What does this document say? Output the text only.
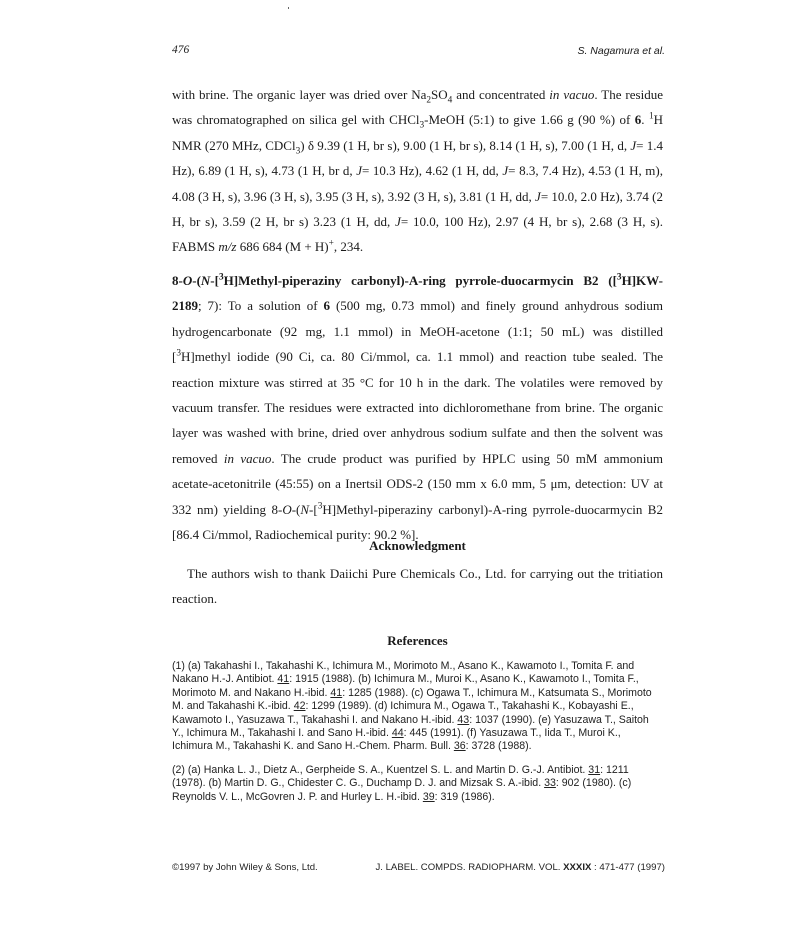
476	S. Nagamura et al.

with brine. The organic layer was dried over $Na_2SO_4$ and concentrated in vacuo. The residue was chromatographed on silica gel with CHCl$_3$-MeOH (5:1) to give 1.66 g (90 %) of 6. $^1$H NMR (270 MHz, CDCl$_3$) δ 9.39 (1 H, br s), 9.00 (1 H, br s), 8.14 (1 H, s), 7.00 (1 H, d, J= 1.4 Hz), 6.89 (1 H, s), 4.73 (1 H, br d, J= 10.3 Hz), 4.62 (1 H, dd, J= 8.3, 7.4 Hz), 4.53 (1 H, m), 4.08 (3 H, s), 3.96 (3 H, s), 3.95 (3 H, s), 3.92 (3 H, s), 3.81 (1 H, dd, J= 10.0, 2.0 Hz), 3.74 (2 H, br s), 3.59 (2 H, br s) 3.23 (1 H, dd, J= 10.0, 100 Hz), 2.97 (4 H, br s), 2.68 (3 H, s). FABMS m/z 686 684 (M + H)+, 234.

8-O-(N-[$^3$H]Methyl-piperaziny carbonyl)-A-ring pyrrole-duocarmycin B2 ([$^3$H]KW-2189; 7): To a solution of 6 (500 mg, 0.73 mmol) and finely ground anhydrous sodium hydrogencarbonate (92 mg, 1.1 mmol) in MeOH-acetone (1:1; 50 mL) was distilled [$^3$H]methyl iodide (90 Ci, ca. 80 Ci/mmol, ca. 1.1 mmol) and reaction tube sealed. The reaction mixture was stirred at 35 °C for 10 h in the dark. The volatiles were removed by vacuum transfer. The residues were extracted into dichloromethane from brine. The organic layer was washed with brine, dried over anhydrous sodium sulfate and then the solvent was removed in vacuo. The crude product was purified by HPLC using 50 mM ammonium acetate-acetonitrile (45:55) on a Inertsil ODS-2 (150 mm x 6.0 mm, 5 μm, detection: UV at 332 nm) yielding 8-O-(N-[$^3$H]Methyl-piperaziny carbonyl)-A-ring pyrrole-duocarmycin B2 [86.4 Ci/mmol, Radiochemical purity: 90.2 %].

Acknowledgment

The authors wish to thank Daiichi Pure Chemicals Co., Ltd. for carrying out the tritiation reaction.

References

(1) (a) Takahashi I., Takahashi K., Ichimura M., Morimoto M., Asano K., Kawamoto I., Tomita F. and Nakano H.-J. Antibiot. 41: 1915 (1988). (b) Ichimura M., Muroi K., Asano K., Kawamoto I., Tomita F., Morimoto M. and Nakano H.-ibid. 41: 1285 (1988). (c) Ogawa T., Ichimura M., Katsumata S., Morimoto M. and Takahashi K.-ibid. 42: 1299 (1989). (d) Ichimura M., Ogawa T., Takahashi K., Kobayashi E., Kawamoto I., Yasuzawa T., Takahashi I. and Nakano H.-ibid. 43: 1037 (1990). (e) Yasuzawa T., Saitoh Y., Ichimura M., Takahashi I. and Sano H.-ibid. 44: 445 (1991). (f) Yasuzawa T., Iida T., Muroi K., Ichimura M., Takahashi K. and Sano H.-Chem. Pharm. Bull. 36: 3728 (1988).

(2) (a) Hanka L. J., Dietz A., Gerpheide S. A., Kuentzel S. L. and Martin D. G.-J. Antibiot. 31: 1211 (1978). (b) Martin D. G., Chidester C. G., Duchamp D. J. and Mizsak S. A.-ibid. 33: 902 (1980). (c) Reynolds V. L., McGovren J. P. and Hurley L. H.-ibid. 39: 319 (1986).

©1997 by John Wiley & Sons, Ltd.	J. LABEL. COMPDS. RADIOPHARM. VOL. XXXIX : 471-477 (1997)
